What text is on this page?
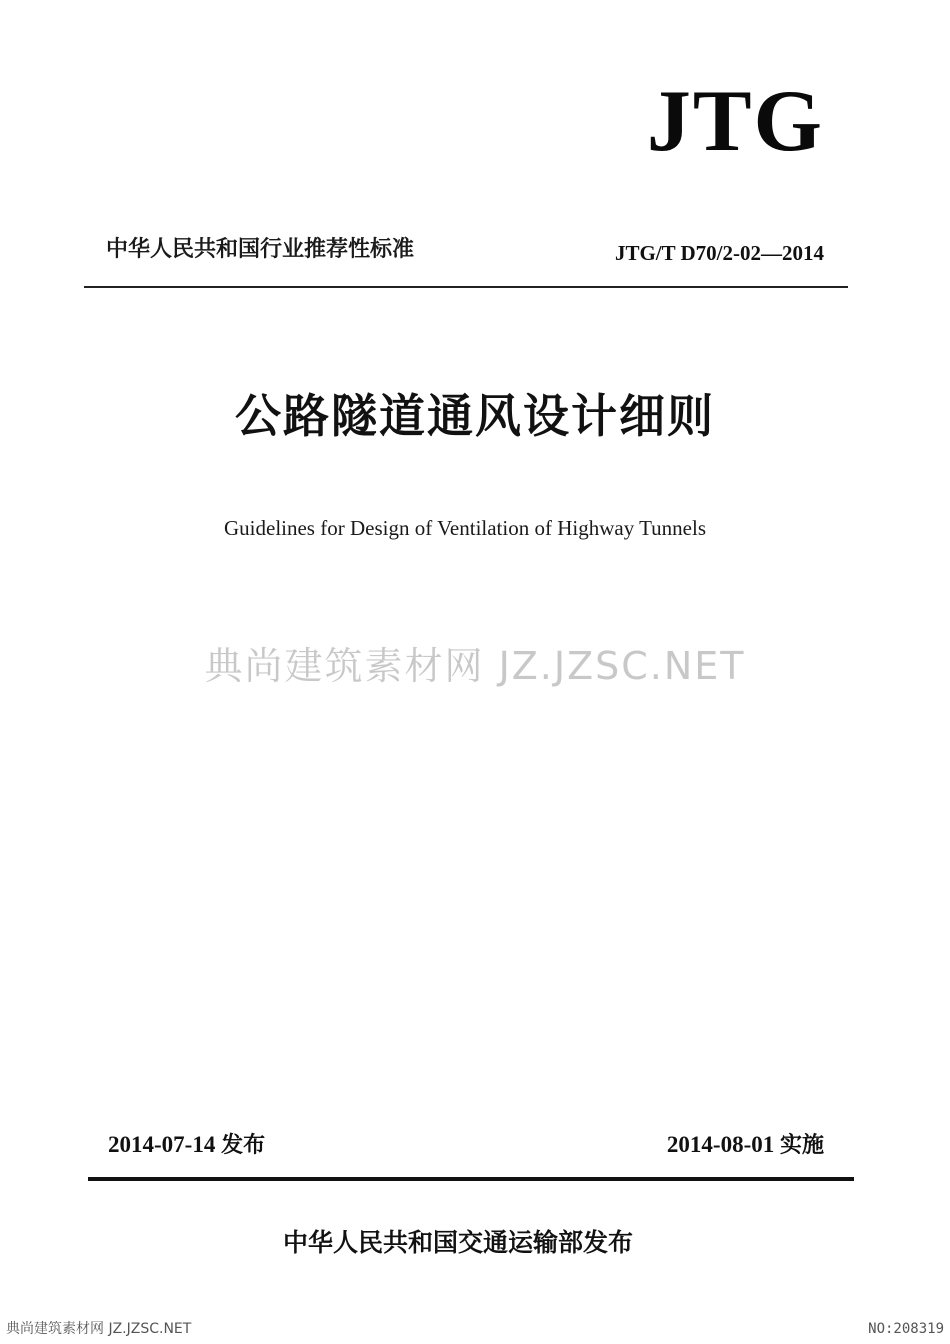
JTG
中华人民共和国行业推荐性标准	JTG/T D70/2-02—2014
公路隧道通风设计细则
Guidelines for Design of Ventilation of Highway Tunnels
典尚建筑素材网 JZ.JZSC.NET
2014-07-14 发布	2014-08-01 实施
中华人民共和国交通运输部发布
典尚建筑素材网 JZ.JZSC.NET	NO:208319
